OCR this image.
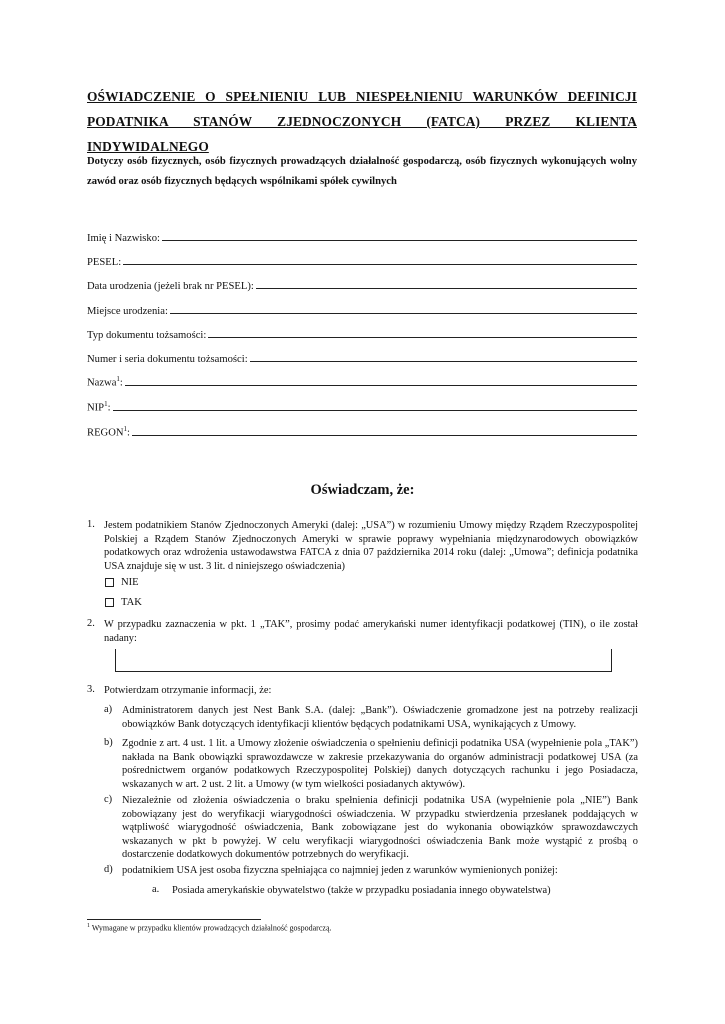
OŚWIADCZENIE O SPEŁNIENIU LUB NIESPEŁNIENIU WARUNKÓW DEFINICJI PODATNIKA STANÓW ZJEDNOCZONYCH (FATCA) PRZEZ KLIENTA INDYWIDALNEGO
Dotyczy osób fizycznych, osób fizycznych prowadzących działalność gospodarczą, osób fizycznych wykonujących wolny zawód oraz osób fizycznych będących wspólnikami spółek cywilnych
Imię i Nazwisko:
PESEL:
Data urodzenia (jeżeli brak nr PESEL):
Miejsce urodzenia:
Typ dokumentu tożsamości:
Numer i seria dokumentu tożsamości:
Nazwa$^1$:
NIP$^1$:
REGON$^1$:
Oświadczam, że:
1. Jestem podatnikiem Stanów Zjednoczonych Ameryki (dalej: „USA”) w rozumieniu Umowy między Rządem Rzeczypospolitej Polskiej a Rządem Stanów Zjednoczonych Ameryki w sprawie poprawy wypełniania międzynarodowych obowiązków podatkowych oraz wdrożenia ustawodawstwa FATCA z dnia 07 października 2014 roku (dalej: „Umowa”; definicja podatnika USA znajduje się w ust. 3 lit. d niniejszego oświadczenia)
NIE
TAK
2. W przypadku zaznaczenia w pkt. 1 „TAK”, prosimy podać amerykański numer identyfikacji podatkowej (TIN), o ile został nadany:
3. Potwierdzam otrzymanie informacji, że:
a) Administratorem danych jest Nest Bank S.A. (dalej: „Bank”). Oświadczenie gromadzone jest na potrzeby realizacji obowiązków Bank dotyczących identyfikacji klientów będących podatnikami USA, wynikających z Umowy.
b) Zgodnie z art. 4 ust. 1 lit. a Umowy złożenie oświadczenia o spełnieniu definicji podatnika USA (wypełnienie pola „TAK”) nakłada na Bank obowiązki sprawozdawcze w zakresie przekazywania do organów administracji podatkowej USA (za pośrednictwem organów podatkowych Rzeczypospolitej Polskiej) danych dotyczących rachunku i jego Posiadacza, wskazanych w art. 2 ust. 2 lit. a Umowy (w tym wielkości posiadanych aktywów).
c) Niezależnie od złożenia oświadczenia o braku spełnienia definicji podatnika USA (wypełnienie pola „NIE”) Bank zobowiązany jest do weryfikacji wiarygodności oświadczenia. W przypadku stwierdzenia przesłanek poddających w wątpliwość wiarygodność oświadczenia, Bank zobowiązane jest do wykonania obowiązków sprawozdawczych wskazanych w pkt b powyżej. W celu weryfikacji wiarygodności oświadczenia Bank może wystąpić z prośbą o dostarczenie dodatkowych dokumentów potrzebnych do weryfikacji.
d) podatnikiem USA jest osoba fizyczna spełniająca co najmniej jeden z warunków wymienionych poniżej:
a. Posiada amerykańskie obywatelstwo (także w przypadku posiadania innego obywatelstwa)
$^1$ Wymagane w przypadku klientów prowadzących działalność gospodarczą.
